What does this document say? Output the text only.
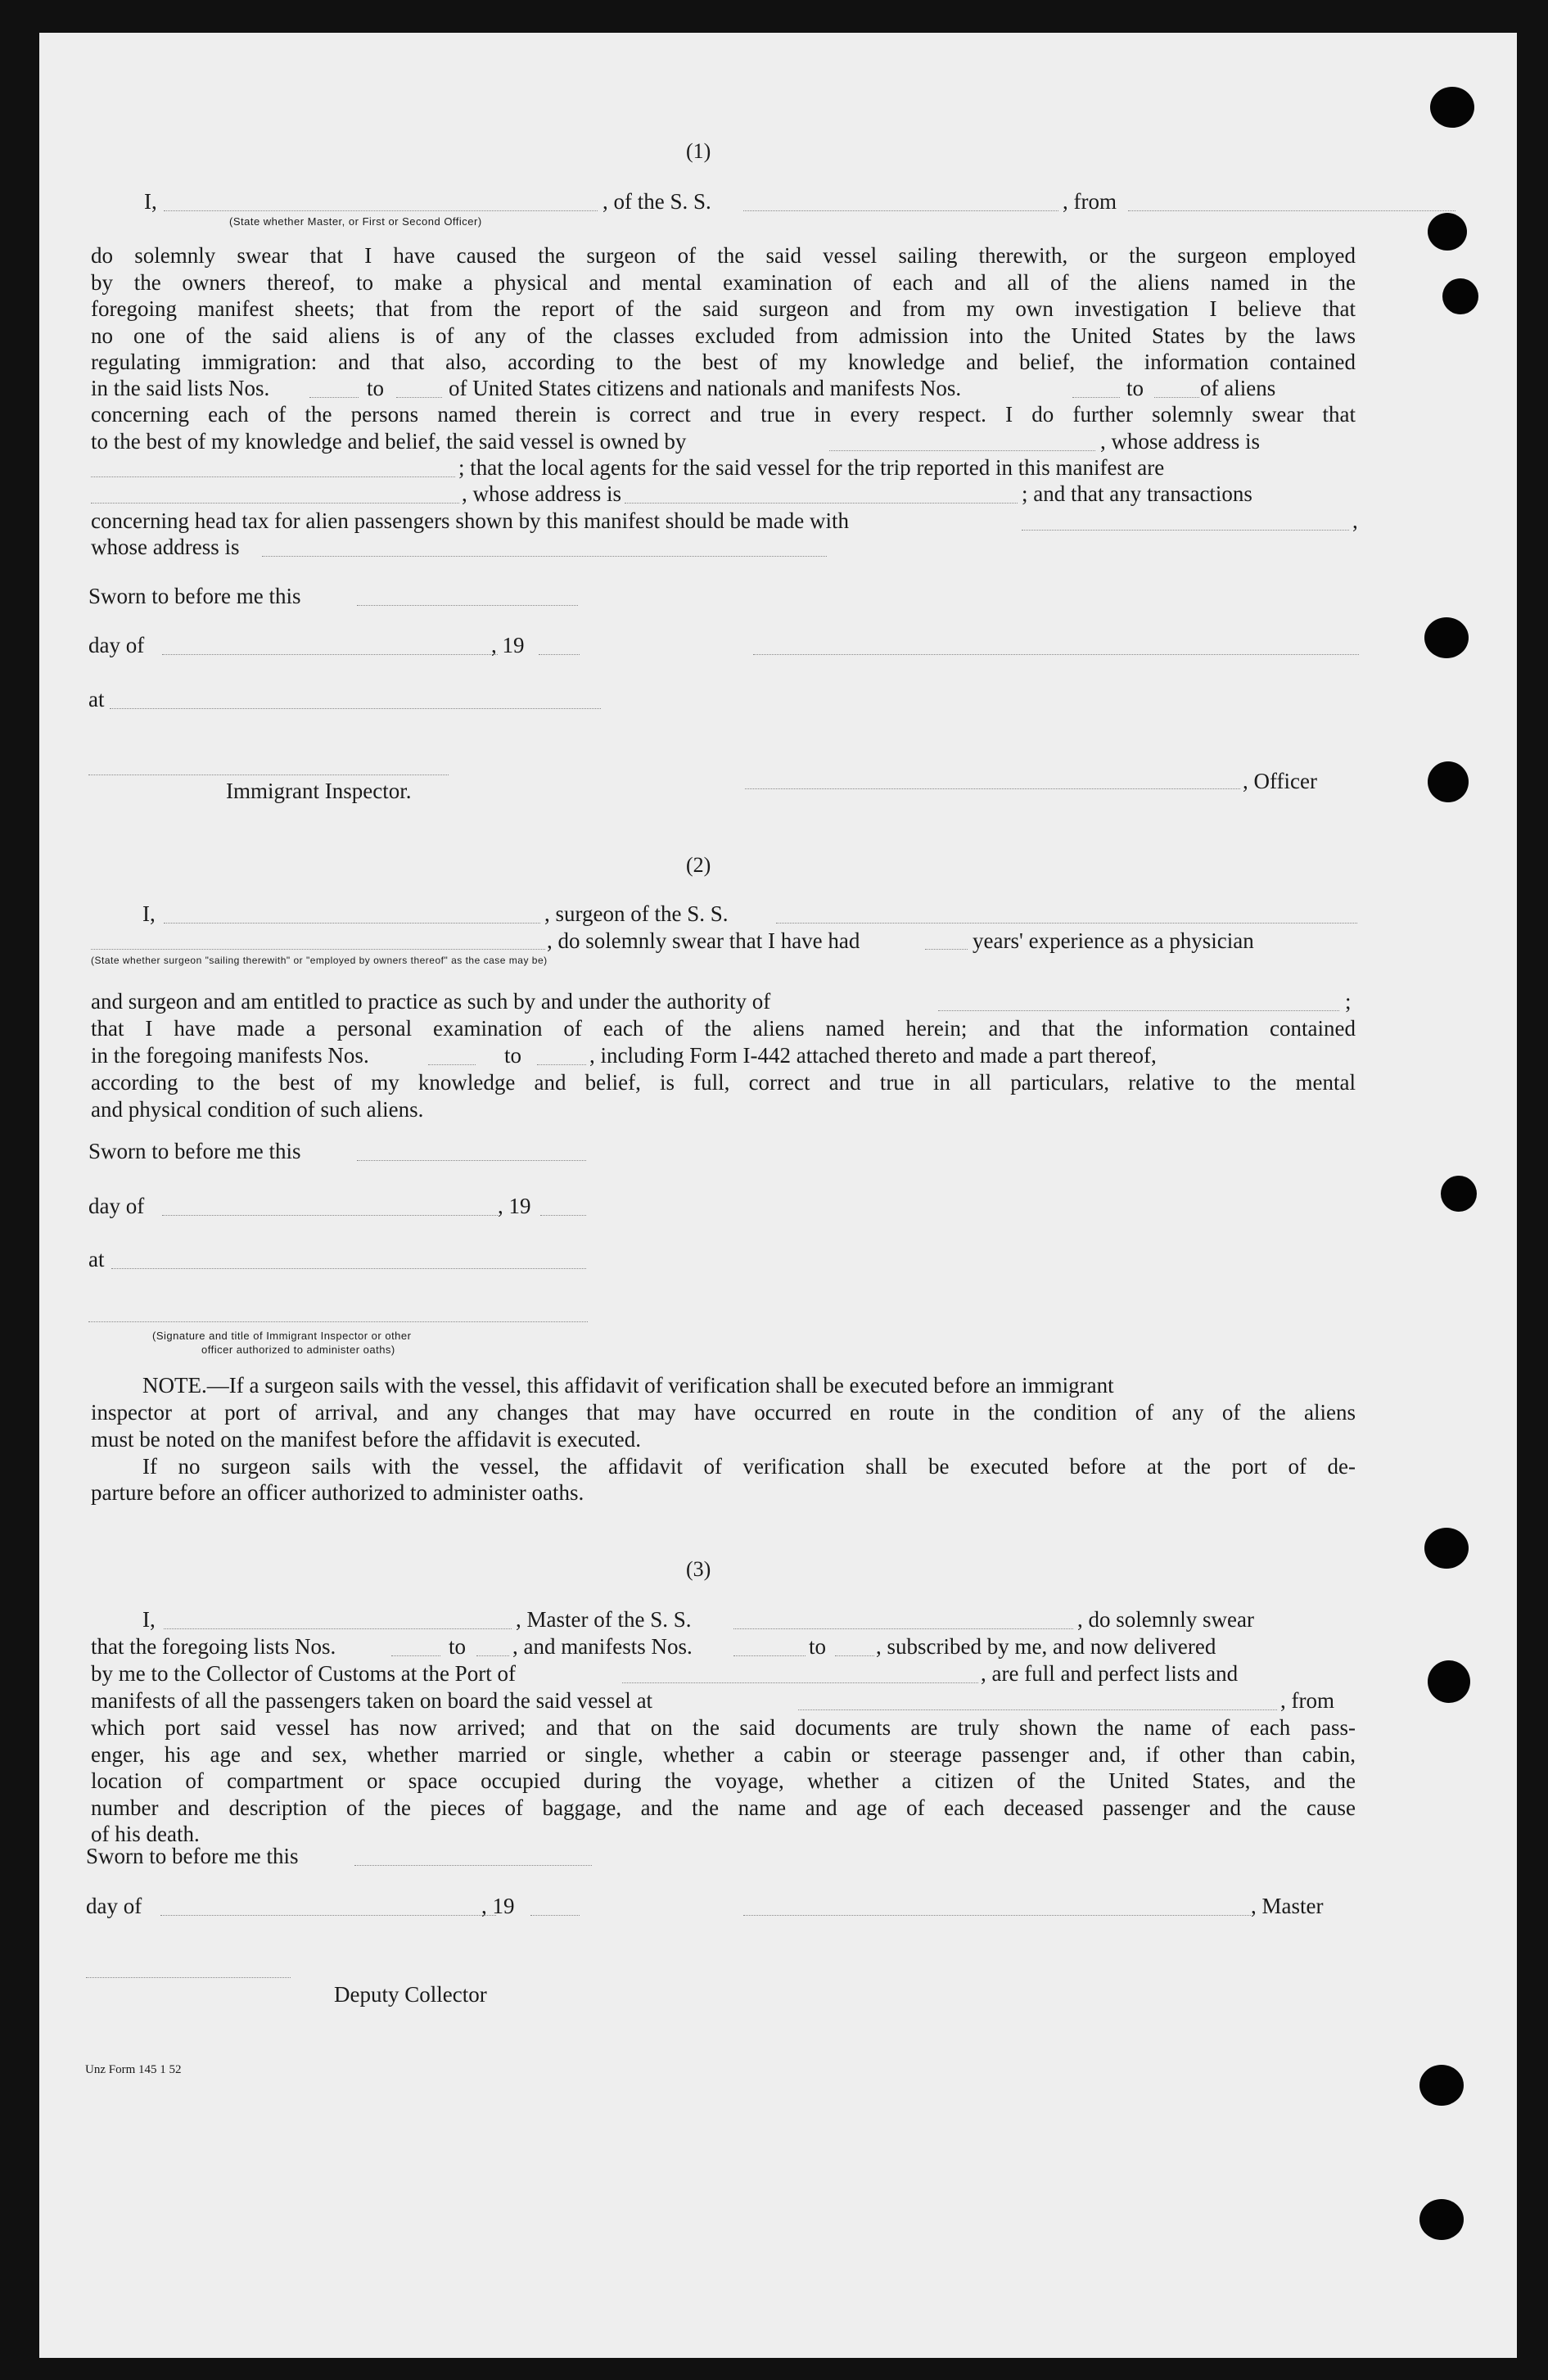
(1)
I,	, of the S. S.	, from
(State whether Master, or First or Second Officer)
do solemnly swear that I have caused the surgeon of the said vessel sailing therewith, or the surgeon employed
by the owners thereof, to make a physical and mental examination of each and all of the aliens named in the
foregoing manifest sheets; that from the report of the said surgeon and from my own investigation I believe that
no one of the said aliens is of any of the classes excluded from admission into the United States by the laws
regulating immigration: and that also, according to the best of my knowledge and belief, the information contained
in the said lists Nos.	to	of United States citizens and nationals and manifests Nos.	to	of aliens
concerning each of the persons named therein is correct and true in every respect. I do further solemnly swear that
to the best of my knowledge and belief, the said vessel is owned by	, whose address is
; that the local agents for the said vessel for the trip reported in this manifest are
, whose address is	; and that any transactions
concerning head tax for alien passengers shown by this manifest should be made with	,
whose address is
Sworn to before me this
day of	, 19
at
Immigrant Inspector.	, Officer
(2)
I,	, surgeon of the S. S.
, do solemnly swear that I have had	years' experience as a physician
(State whether surgeon "sailing therewith" or "employed by owners thereof" as the case may be)
and surgeon and am entitled to practice as such by and under the authority of	;
that I have made a personal examination of each of the aliens named herein; and that the information contained
in the foregoing manifests Nos.	to	, including Form I-442 attached thereto and made a part thereof,
according to the best of my knowledge and belief, is full, correct and true in all particulars, relative to the mental
and physical condition of such aliens.
Sworn to before me this
day of	, 19
at
(Signature and title of Immigrant Inspector or other
officer authorized to administer oaths)
NOTE.—If a surgeon sails with the vessel, this affidavit of verification shall be executed before an immigrant
inspector at port of arrival, and any changes that may have occurred en route in the condition of any of the aliens
must be noted on the manifest before the affidavit is executed.
If no surgeon sails with the vessel, the affidavit of verification shall be executed before at the port of de-
parture before an officer authorized to administer oaths.
(3)
I,	, Master of the S. S.	, do solemnly swear
that the foregoing lists Nos.	to , and manifests Nos.	to , subscribed by me, and now delivered
by me to the Collector of Customs at the Port of	, are full and perfect lists and
manifests of all the passengers taken on board the said vessel at	, from
which port said vessel has now arrived; and that on the said documents are truly shown the name of each pass-
enger, his age and sex, whether married or single, whether a cabin or steerage passenger and, if other than cabin,
location of compartment or space occupied during the voyage, whether a citizen of the United States, and the
number and description of the pieces of baggage, and the name and age of each deceased passenger and the cause
of his death.
Sworn to before me this
day of	, 19	, Master
Deputy Collector
Unz Form 145 1 52
